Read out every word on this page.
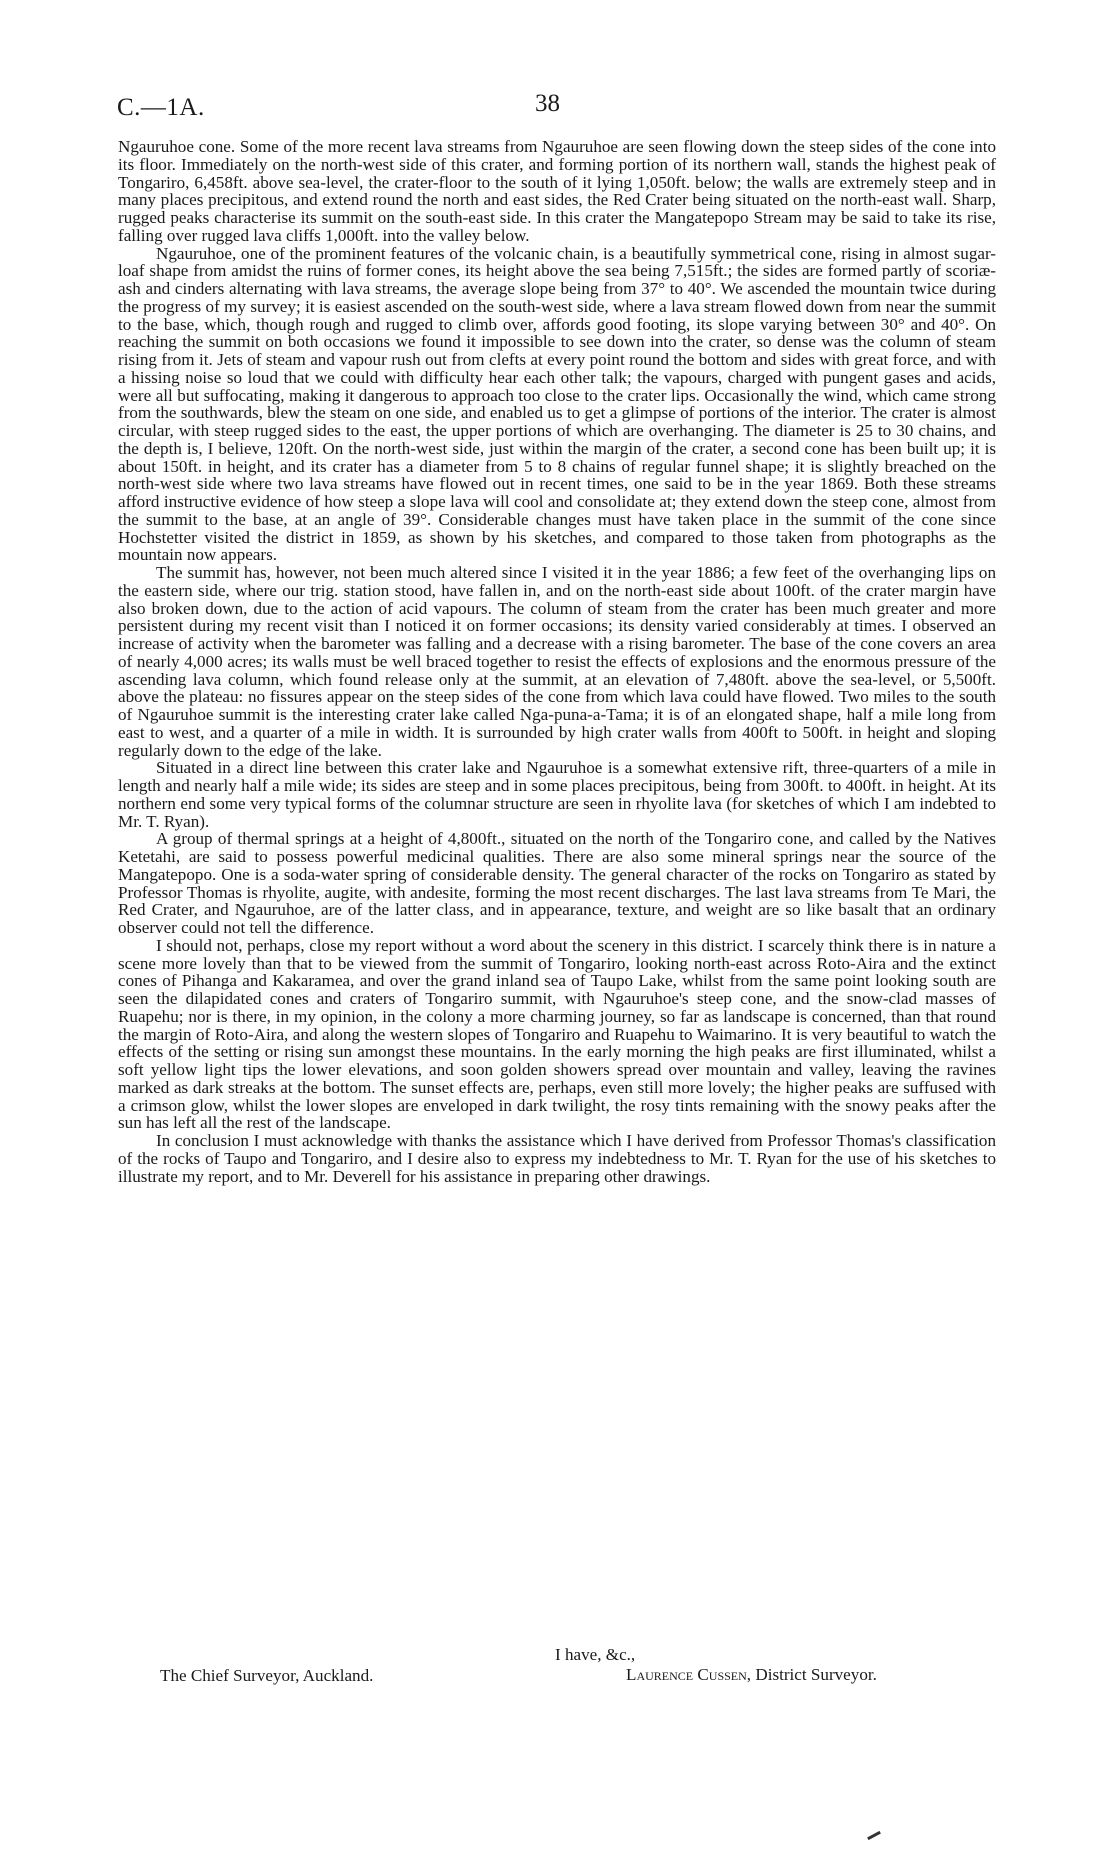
C.—1A.	38

Ngauruhoe cone. Some of the more recent lava streams from Ngauruhoe are seen flowing down the steep sides of the cone into its floor. Immediately on the north-west side of this crater, and forming portion of its northern wall, stands the highest peak of Tongariro, 6,458ft. above sea-level, the crater-floor to the south of it lying 1,050ft. below; the walls are extremely steep and in many places precipitous, and extend round the north and east sides, the Red Crater being situated on the north-east wall. Sharp, rugged peaks characterise its summit on the south-east side. In this crater the Mangatepopo Stream may be said to take its rise, falling over rugged lava cliffs 1,000ft. into the valley below.

Ngauruhoe, one of the prominent features of the volcanic chain, is a beautifully symmetrical cone, rising in almost sugar-loaf shape from amidst the ruins of former cones, its height above the sea being 7,515ft.; the sides are formed partly of scoriæ-ash and cinders alternating with lava streams, the average slope being from 37° to 40°. We ascended the mountain twice during the progress of my survey; it is easiest ascended on the south-west side, where a lava stream flowed down from near the summit to the base, which, though rough and rugged to climb over, affords good footing, its slope varying between 30° and 40°. On reaching the summit on both occasions we found it impossible to see down into the crater, so dense was the column of steam rising from it. Jets of steam and vapour rush out from clefts at every point round the bottom and sides with great force, and with a hissing noise so loud that we could with difficulty hear each other talk; the vapours, charged with pungent gases and acids, were all but suffocating, making it dangerous to approach too close to the crater lips. Occasionally the wind, which came strong from the southwards, blew the steam on one side, and enabled us to get a glimpse of portions of the interior. The crater is almost circular, with steep rugged sides to the east, the upper portions of which are overhanging. The diameter is 25 to 30 chains, and the depth is, I believe, 120ft. On the north-west side, just within the margin of the crater, a second cone has been built up; it is about 150ft. in height, and its crater has a diameter from 5 to 8 chains of regular funnel shape; it is slightly breached on the north-west side where two lava streams have flowed out in recent times, one said to be in the year 1869. Both these streams afford instructive evidence of how steep a slope lava will cool and consolidate at; they extend down the steep cone, almost from the summit to the base, at an angle of 39°. Considerable changes must have taken place in the summit of the cone since Hochstetter visited the district in 1859, as shown by his sketches, and compared to those taken from photographs as the mountain now appears.

The summit has, however, not been much altered since I visited it in the year 1886; a few feet of the overhanging lips on the eastern side, where our trig. station stood, have fallen in, and on the north-east side about 100ft. of the crater margin have also broken down, due to the action of acid vapours. The column of steam from the crater has been much greater and more persistent during my recent visit than I noticed it on former occasions; its density varied considerably at times. I observed an increase of activity when the barometer was falling and a decrease with a rising barometer. The base of the cone covers an area of nearly 4,000 acres; its walls must be well braced together to resist the effects of explosions and the enormous pressure of the ascending lava column, which found release only at the summit, at an elevation of 7,480ft. above the sea-level, or 5,500ft. above the plateau: no fissures appear on the steep sides of the cone from which lava could have flowed. Two miles to the south of Ngauruhoe summit is the interesting crater lake called Nga-puna-a-Tama; it is of an elongated shape, half a mile long from east to west, and a quarter of a mile in width. It is surrounded by high crater walls from 400ft to 500ft. in height and sloping regularly down to the edge of the lake.

Situated in a direct line between this crater lake and Ngauruhoe is a somewhat extensive rift, three-quarters of a mile in length and nearly half a mile wide; its sides are steep and in some places precipitous, being from 300ft. to 400ft. in height. At its northern end some very typical forms of the columnar structure are seen in rhyolite lava (for sketches of which I am indebted to Mr. T. Ryan).

A group of thermal springs at a height of 4,800ft., situated on the north of the Tongariro cone, and called by the Natives Ketetahi, are said to possess powerful medicinal qualities. There are also some mineral springs near the source of the Mangatepopo. One is a soda-water spring of considerable density. The general character of the rocks on Tongariro as stated by Professor Thomas is rhyolite, augite, with andesite, forming the most recent discharges. The last lava streams from Te Mari, the Red Crater, and Ngauruhoe, are of the latter class, and in appearance, texture, and weight are so like basalt that an ordinary observer could not tell the difference.

I should not, perhaps, close my report without a word about the scenery in this district. I scarcely think there is in nature a scene more lovely than that to be viewed from the summit of Tongariro, looking north-east across Roto-Aira and the extinct cones of Pihanga and Kakaramea, and over the grand inland sea of Taupo Lake, whilst from the same point looking south are seen the dilapidated cones and craters of Tongariro summit, with Ngauruhoe's steep cone, and the snow-clad masses of Ruapehu; nor is there, in my opinion, in the colony a more charming journey, so far as landscape is concerned, than that round the margin of Roto-Aira, and along the western slopes of Tongariro and Ruapehu to Waimarino. It is very beautiful to watch the effects of the setting or rising sun amongst these mountains. In the early morning the high peaks are first illuminated, whilst a soft yellow light tips the lower elevations, and soon golden showers spread over mountain and valley, leaving the ravines marked as dark streaks at the bottom. The sunset effects are, perhaps, even still more lovely; the higher peaks are suffused with a crimson glow, whilst the lower slopes are enveloped in dark twilight, the rosy tints remaining with the snowy peaks after the sun has left all the rest of the landscape.

In conclusion I must acknowledge with thanks the assistance which I have derived from Professor Thomas's classification of the rocks of Taupo and Tongariro, and I desire also to express my indebtedness to Mr. T. Ryan for the use of his sketches to illustrate my report, and to Mr. Deverell for his assistance in preparing other drawings.

I have, &c.,
The Chief Surveyor, Auckland.	Laurence Cussen, District Surveyor.
